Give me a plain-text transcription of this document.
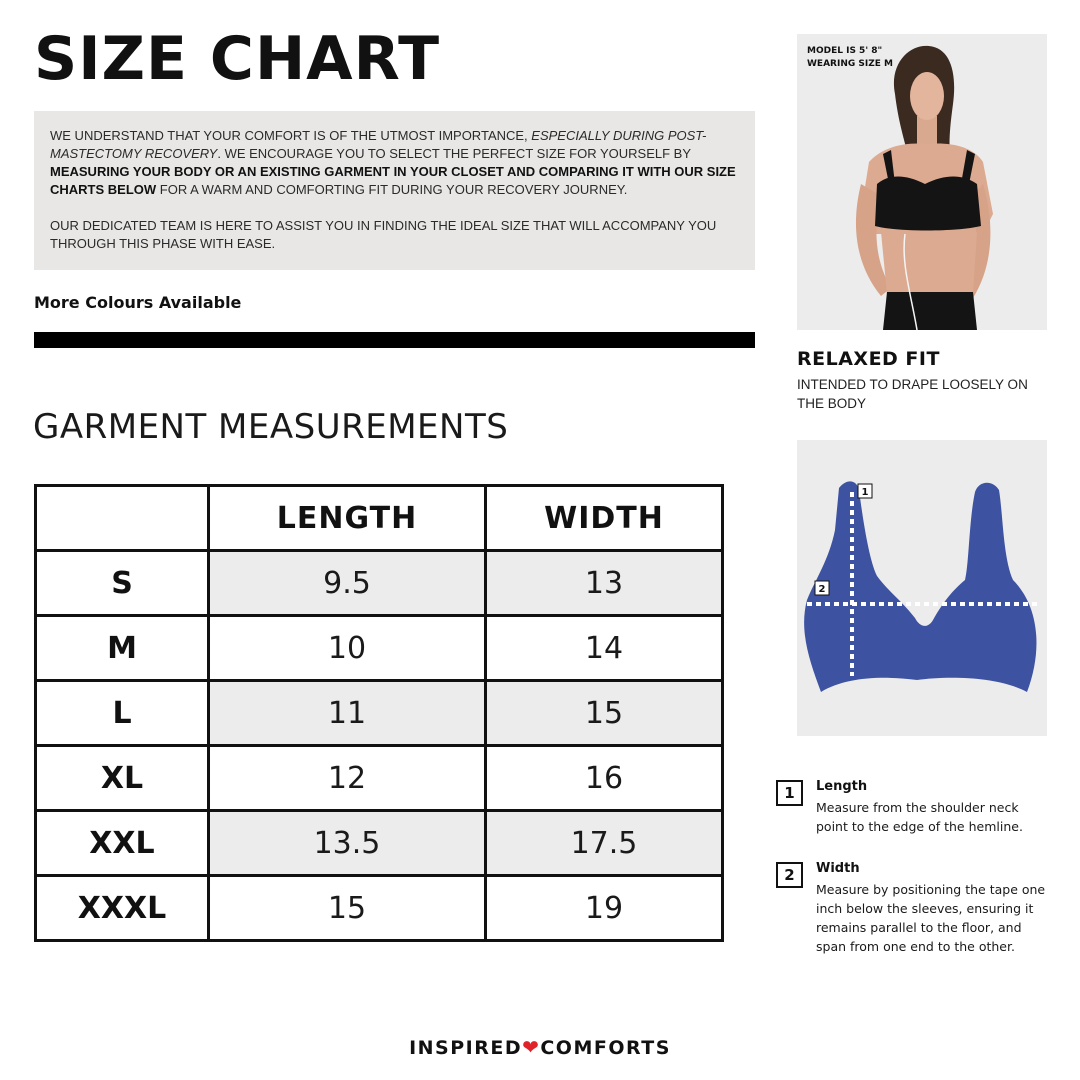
SIZE CHART

WE UNDERSTAND THAT YOUR COMFORT IS OF THE UTMOST IMPORTANCE, ESPECIALLY DURING POST-MASTECTOMY RECOVERY. WE ENCOURAGE YOU TO SELECT THE PERFECT SIZE FOR YOURSELF BY MEASURING YOUR BODY OR AN EXISTING GARMENT IN YOUR CLOSET AND COMPARING IT WITH OUR SIZE CHARTS BELOW FOR A WARM AND COMFORTING FIT DURING YOUR RECOVERY JOURNEY.

OUR DEDICATED TEAM IS HERE TO ASSIST YOU IN FINDING THE IDEAL SIZE THAT WILL ACCOMPANY YOU THROUGH THIS PHASE WITH EASE.

More Colours Available
GARMENT MEASUREMENTS
	LENGTH	WIDTH
S	9.5	13
M	10	14
L	11	15
XL	12	16
XXL	13.5	17.5
XXXL	15	19
MODEL IS 5' 8"
WEARING SIZE M
RELAXED FIT
INTENDED TO DRAPE LOOSELY ON THE BODY
1
2
1	Length
Measure from the shoulder neck point to the edge of the hemline.
2	Width
Measure by positioning the tape one inch below the sleeves, ensuring it remains parallel to the floor, and span from one end to the other.
INSPIRED❤COMFORTS
